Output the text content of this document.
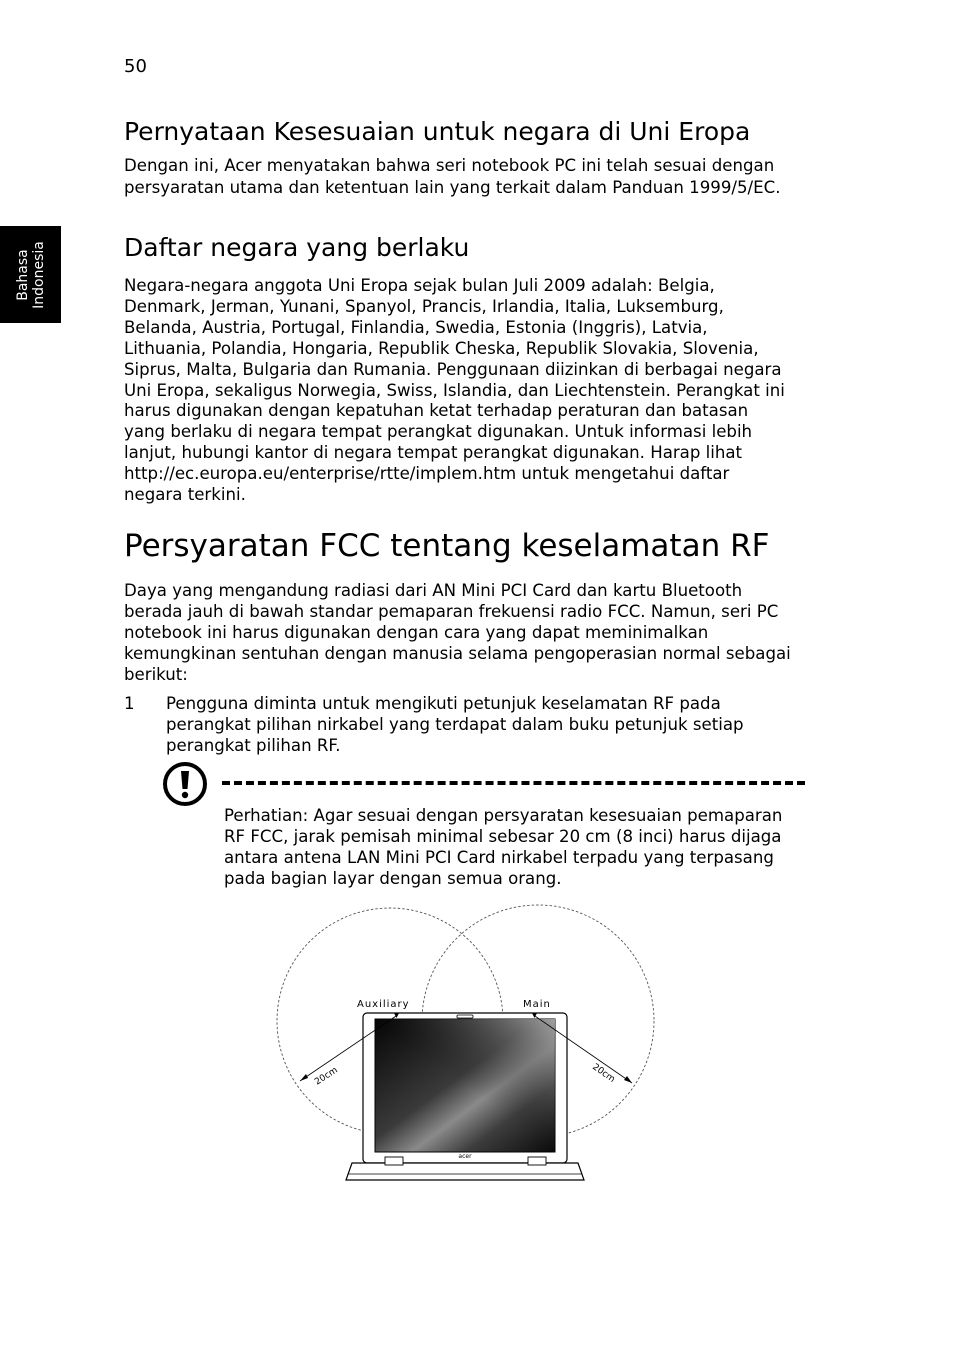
50
Bahasa Indonesia
Pernyataan Kesesuaian untuk negara di Uni Eropa

Dengan ini, Acer menyatakan bahwa seri notebook PC ini telah sesuai dengan

persyaratan utama dan ketentuan lain yang terkait dalam Panduan 1999/5/EC.

Daftar negara yang berlaku

Negara-negara anggota Uni Eropa sejak bulan Juli 2009 adalah: Belgia,

Denmark, Jerman, Yunani, Spanyol, Prancis, Irlandia, Italia, Luksemburg,

Belanda, Austria, Portugal, Finlandia, Swedia, Estonia (Inggris), Latvia,

Lithuania, Polandia, Hongaria, Republik Cheska, Republik Slovakia, Slovenia,

Siprus, Malta, Bulgaria dan Rumania. Penggunaan diizinkan di berbagai negara

Uni Eropa, sekaligus Norwegia, Swiss, Islandia, dan Liechtenstein. Perangkat ini

harus digunakan dengan kepatuhan ketat terhadap peraturan dan batasan

yang berlaku di negara tempat perangkat digunakan. Untuk informasi lebih

lanjut, hubungi kantor di negara tempat perangkat digunakan. Harap lihat

http://ec.europa.eu/enterprise/rtte/implem.htm untuk mengetahui daftar

negara terkini.

Persyaratan FCC tentang keselamatan RF

Daya yang mengandung radiasi dari AN Mini PCI Card dan kartu Bluetooth

berada jauh di bawah standar pemaparan frekuensi radio FCC. Namun, seri PC

notebook ini harus digunakan dengan cara yang dapat meminimalkan

kemungkinan sentuhan dengan manusia selama pengoperasian normal sebagai

berikut:

1 Pengguna diminta untuk mengikuti petunjuk keselamatan RF pada
perangkat pilihan nirkabel yang terdapat dalam buku petunjuk setiap
perangkat pilihan RF.
Perhatian: Agar sesuai dengan persyaratan kesesuaian pemaparan
RF FCC, jarak pemisah minimal sebesar 20 cm (8 inci) harus dijaga
antara antena LAN Mini PCI Card nirkabel terpadu yang terpasang
pada bagian layar dengan semua orang.
acer
Auxiliary	Main
20cm	20cm
